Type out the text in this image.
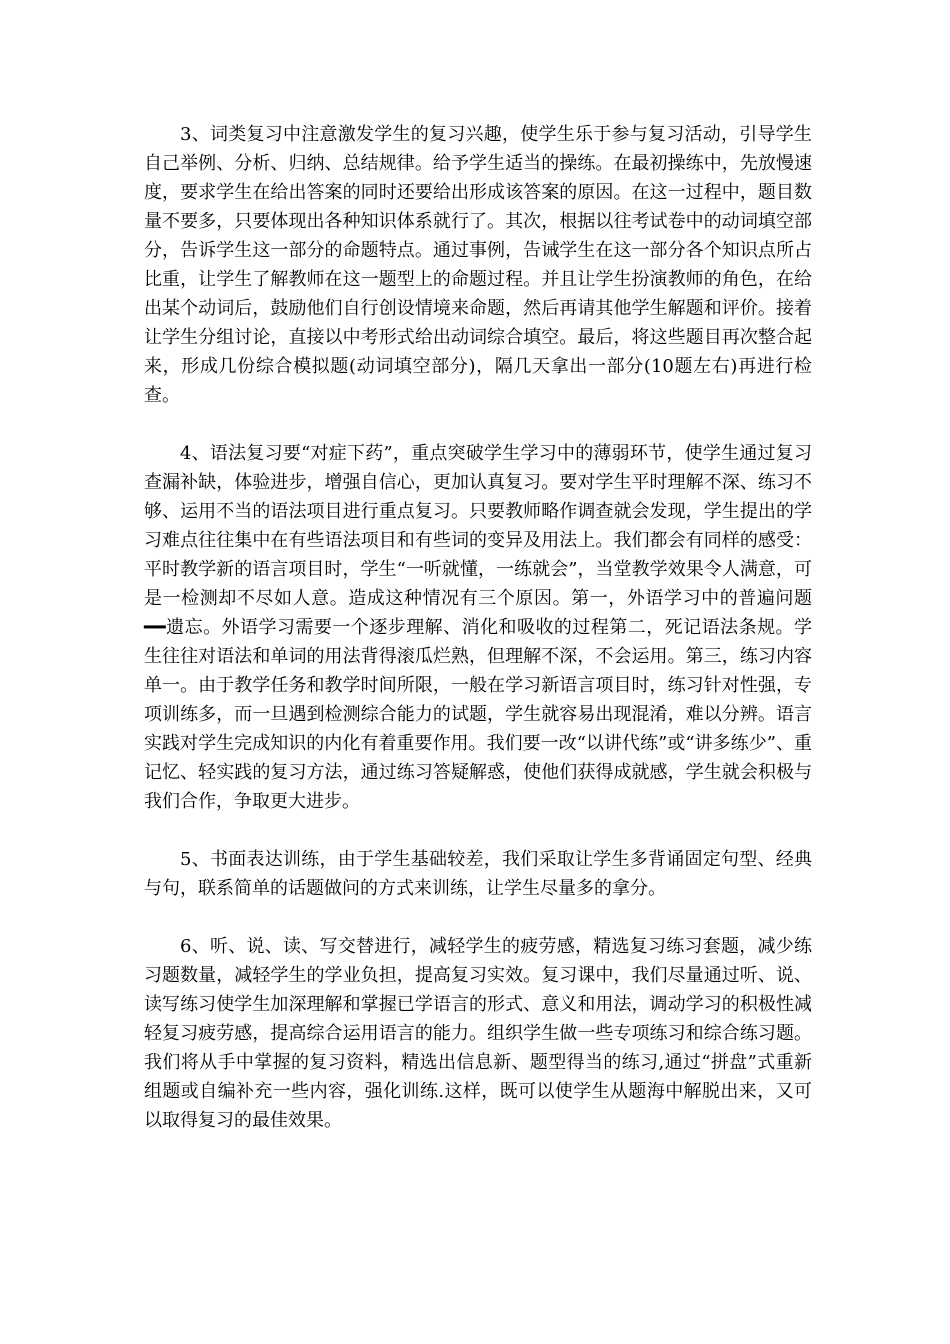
3、词类复习中注意激发学生的复习兴趣，使学生乐于参与复习活动，引导学生自己举例、分析、归纳、总结规律。给予学生适当的操练。在最初操练中，先放慢速度，要求学生在给出答案的同时还要给出形成该答案的原因。在这一过程中，题目数量不要多，只要体现出各种知识体系就行了。其次，根据以往考试卷中的动词填空部分，告诉学生这一部分的命题特点。通过事例，告诫学生在这一部分各个知识点所占比重，让学生了解教师在这一题型上的命题过程。并且让学生扮演教师的角色，在给出某个动词后，鼓励他们自行创设情境来命题，然后再请其他学生解题和评价。接着让学生分组讨论，直接以中考形式给出动词综合填空。最后，将这些题目再次整合起来，形成几份综合模拟题(动词填空部分)，隔几天拿出一部分(10题左右)再进行检查。

4、语法复习要“对症下药”，重点突破学生学习中的薄弱环节，使学生通过复习查漏补缺，体验进步，增强自信心，更加认真复习。要对学生平时理解不深、练习不够、运用不当的语法项目进行重点复习。只要教师略作调查就会发现，学生提出的学习难点往往集中在有些语法项目和有些词的变异及用法上。我们都会有同样的感受：平时教学新的语言项目时，学生“一听就懂，一练就会”，当堂教学效果令人满意，可是一检测却不尽如人意。造成这种情况有三个原因。第一，外语学习中的普遍问题━━遗忘。外语学习需要一个逐步理解、消化和吸收的过程第二，死记语法条规。学生往往对语法和单词的用法背得滚瓜烂熟，但理解不深，不会运用。第三，练习内容单一。由于教学任务和教学时间所限，一般在学习新语言项目时，练习针对性强，专项训练多，而一旦遇到检测综合能力的试题，学生就容易出现混淆，难以分辨。语言实践对学生完成知识的内化有着重要作用。我们要一改“以讲代练”或“讲多练少”、重记忆、轻实践的复习方法，通过练习答疑解惑，使他们获得成就感，学生就会积极与我们合作，争取更大进步。

5、书面表达训练，由于学生基础较差，我们采取让学生多背诵固定句型、经典与句，联系简单的话题做问的方式来训练，让学生尽量多的拿分。

6、听、说、读、写交替进行，减轻学生的疲劳感，精选复习练习套题，减少练习题数量，减轻学生的学业负担，提高复习实效。复习课中，我们尽量通过听、说、读写练习使学生加深理解和掌握已学语言的形式、意义和用法，调动学习的积极性减轻复习疲劳感，提高综合运用语言的能力。组织学生做一些专项练习和综合练习题。我们将从手中掌握的复习资料，精选出信息新、题型得当的练习,通过“拼盘”式重新组题或自编补充一些内容，强化训练.这样，既可以使学生从题海中解脱出来，又可以取得复习的最佳效果。
